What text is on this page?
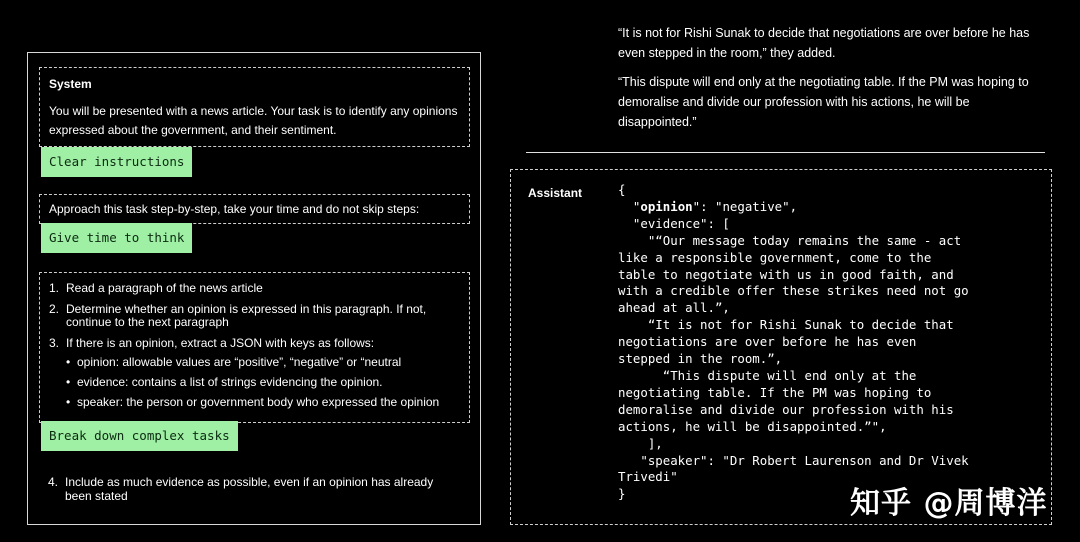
System
You will be presented with a news article. Your task is to identify any opinions expressed about the government, and their sentiment.
Clear instructions
Approach this task step-by-step, take your time and do not skip steps:
Give time to think
1. Read a paragraph of the news article
2. Determine whether an opinion is expressed in this paragraph. If not, continue to the next paragraph
3. If there is an opinion, extract a JSON with keys as follows:
• opinion: allowable values are “positive”, “negative” or “neutral
• evidence: contains a list of strings evidencing the opinion.
• speaker: the person or government body who expressed the opinion
Break down complex tasks
4. Include as much evidence as possible, even if an opinion has already been stated
“It is not for Rishi Sunak to decide that negotiations are over before he has even stepped in the room,” they added.
“This dispute will end only at the negotiating table. If the PM was hoping to demoralise and divide our profession with his actions, he will be disappointed.”
Assistant	{
"opinion": "negative",
"evidence": [
"“Our message today remains the same - act
like a responsible government, come to the
table to negotiate with us in good faith, and
with a credible offer these strikes need not go
ahead at all.”,
“It is not for Rishi Sunak to decide that
negotiations are over before he has even
stepped in the room.”,
“This dispute will end only at the
negotiating table. If the PM was hoping to
demoralise and divide our profession with his
actions, he will be disappointed.”",
],
"speaker": "Dr Robert Laurenson and Dr Vivek
Trivedi"
}	知乎 @周博洋
